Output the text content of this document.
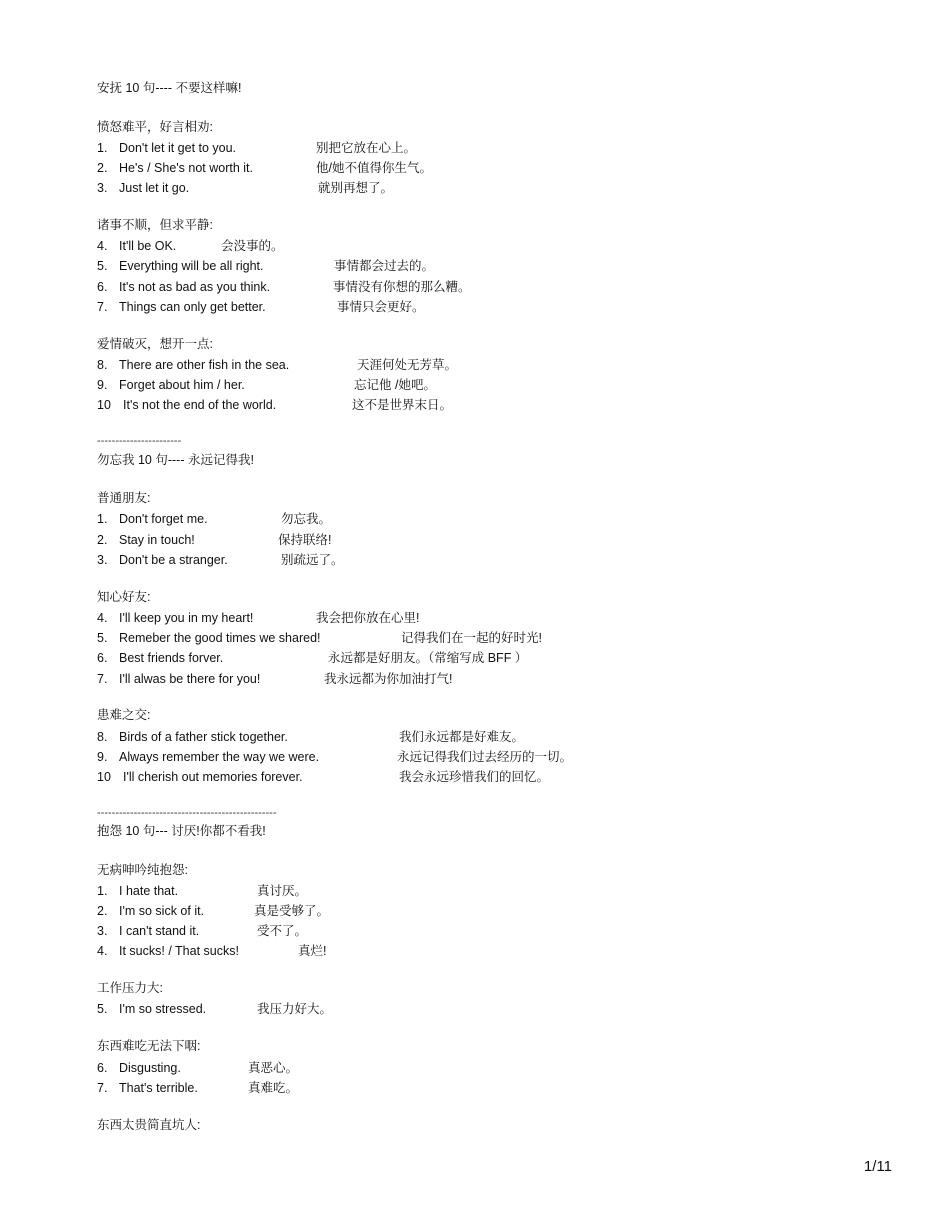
安抚 10 句---- 不要这样嘛!
愤怒难平，好言相劝:
1. Don't let it get to you.	别把它放在心上。
2. He's / She's not worth it.	他/她不值得你生气。
3. Just let it go.	就别再想了。
诸事不顺，但求平静:
4. It'll be OK.	会没事的。
5. Everything will be all right.	事情都会过去的。
6. It's not as bad as you think.	事情没有你想的那么糟。
7. Things can only get better.	事情只会更好。
爱情破灭，想开一点:
8. There are other fish in the sea.	天涯何处无芳草。
9. Forget about him / her.	忘记他 /她吧。
10 It's not the end of the world.	这不是世界末日。
-----------------------
勿忘我 10 句---- 永远记得我!
普通朋友:
1. Don't forget me.	勿忘我。
2. Stay in touch!	保持联络!
3. Don't be a stranger.	别疏远了。
知心好友:
4. I'll keep you in my heart!	我会把你放在心里!
5. Remeber the good times we shared!	记得我们在一起的好时光!
6. Best friends forver.	永远都是好朋友。（常缩写成 BFF ）
7. I'll alwas be there for you!	我永远都为你加油打气!
患难之交:
8. Birds of a father stick together.	我们永远都是好难友。
9. Always remember the way we were.	永远记得我们过去经历的一切。
10 I'll cherish out memories forever.	我会永远珍惜我们的回忆。
-------------------------------------------------
抱怨 10 句--- 讨厌!你都不看我!
无病呻吟纯抱怨:
1. I hate that.	真讨厌。
2. I'm so sick of it.	真是受够了。
3. I can't stand it.	受不了。
4. It sucks! / That sucks!	真烂!
工作压力大:
5. I'm so stressed.	我压力好大。
东西难吃无法下咽:
6. Disgusting.	真恶心。
7. That's terrible.	真难吃。
东西太贵简直坑人:
1/11
